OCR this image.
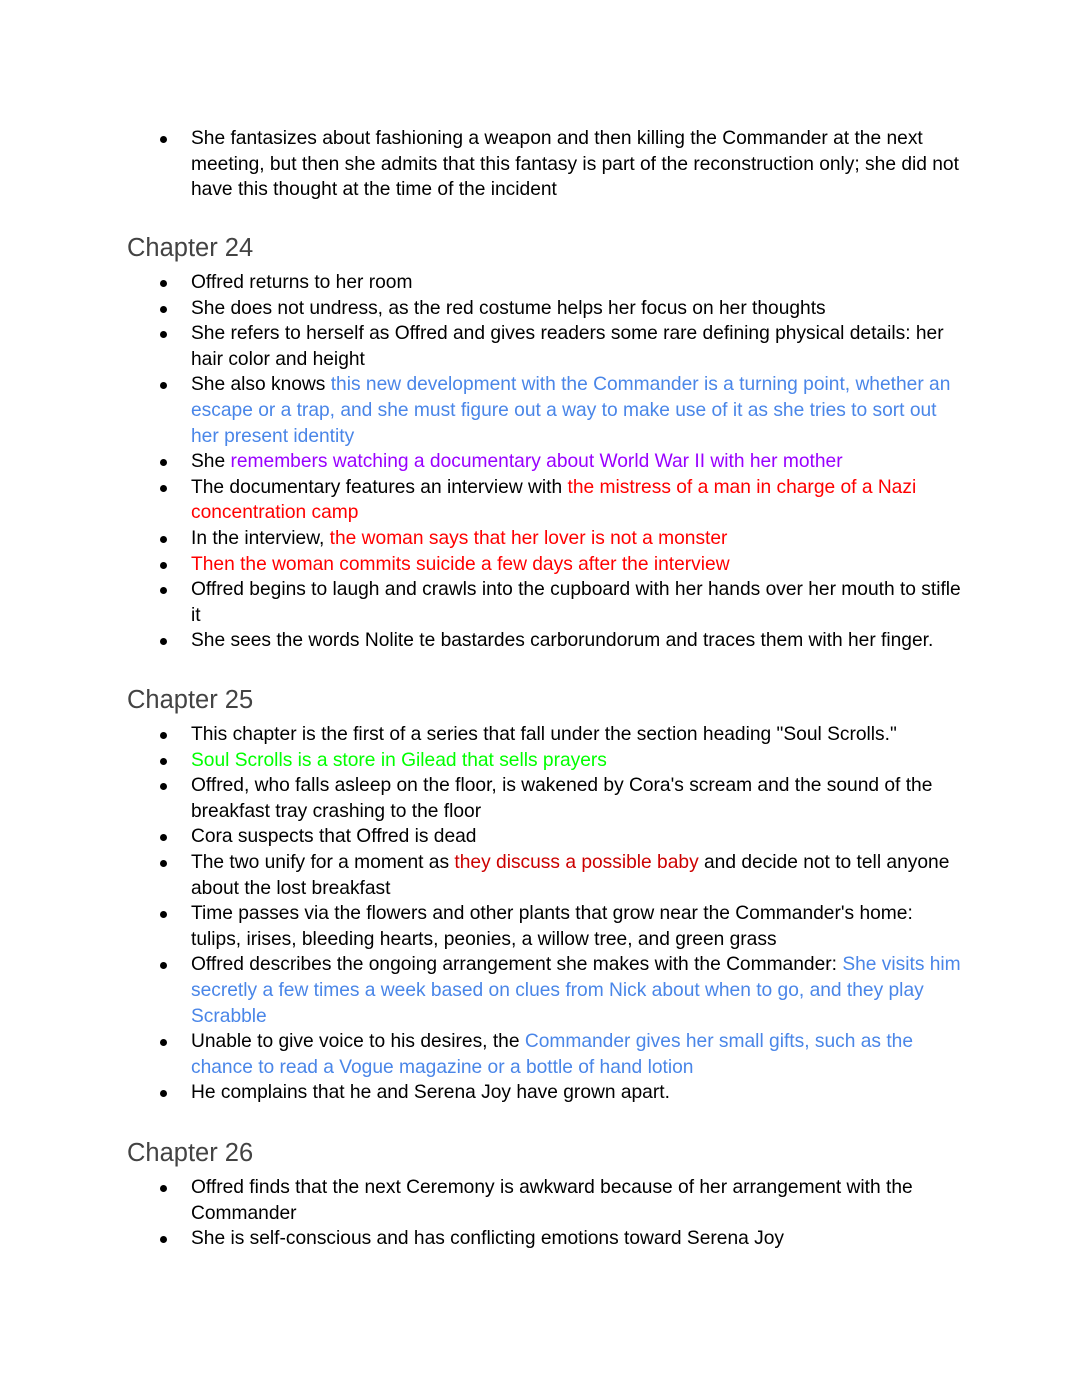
She fantasizes about fashioning a weapon and then killing the Commander at the next meeting, but then she admits that this fantasy is part of the reconstruction only; she did not have this thought at the time of the incident
Chapter 24
Offred returns to her room
She does not undress, as the red costume helps her focus on her thoughts
She refers to herself as Offred and gives readers some rare defining physical details: her hair color and height
She also knows this new development with the Commander is a turning point, whether an escape or a trap, and she must figure out a way to make use of it as she tries to sort out her present identity
She remembers watching a documentary about World War II with her mother
The documentary features an interview with the mistress of a man in charge of a Nazi concentration camp
In the interview, the woman says that her lover is not a monster
Then the woman commits suicide a few days after the interview
Offred begins to laugh and crawls into the cupboard with her hands over her mouth to stifle it
She sees the words Nolite te bastardes carborundorum and traces them with her finger.
Chapter 25
This chapter is the first of a series that fall under the section heading "Soul Scrolls."
Soul Scrolls is a store in Gilead that sells prayers
Offred, who falls asleep on the floor, is wakened by Cora's scream and the sound of the breakfast tray crashing to the floor
Cora suspects that Offred is dead
The two unify for a moment as they discuss a possible baby and decide not to tell anyone about the lost breakfast
Time passes via the flowers and other plants that grow near the Commander's home: tulips, irises, bleeding hearts, peonies, a willow tree, and green grass
Offred describes the ongoing arrangement she makes with the Commander: She visits him secretly a few times a week based on clues from Nick about when to go, and they play Scrabble
Unable to give voice to his desires, the Commander gives her small gifts, such as the chance to read a Vogue magazine or a bottle of hand lotion
He complains that he and Serena Joy have grown apart.
Chapter 26
Offred finds that the next Ceremony is awkward because of her arrangement with the Commander
She is self-conscious and has conflicting emotions toward Serena Joy
